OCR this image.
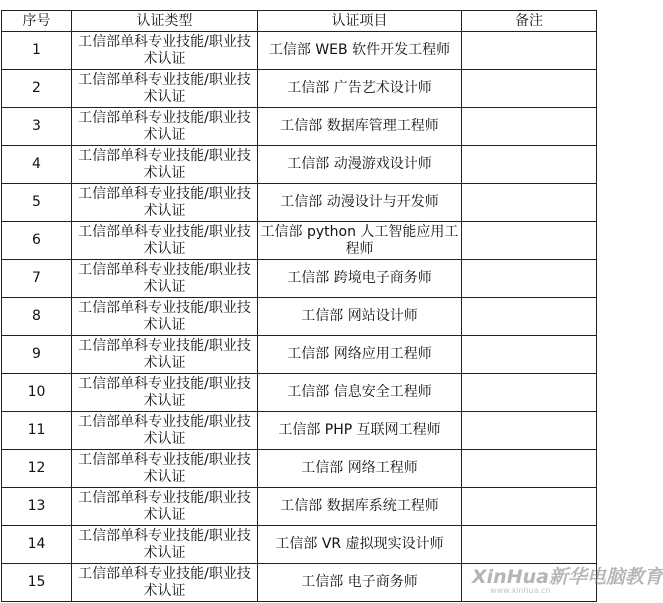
序号	认证类型	认证项目	备注
1	工信部单科专业技能/职业技术认证	工信部 WEB 软件开发工程师	
2	工信部单科专业技能/职业技术认证	工信部 广告艺术设计师	
3	工信部单科专业技能/职业技术认证	工信部 数据库管理工程师	
4	工信部单科专业技能/职业技术认证	工信部 动漫游戏设计师	
5	工信部单科专业技能/职业技术认证	工信部 动漫设计与开发师	
6	工信部单科专业技能/职业技术认证	工信部 python 人工智能应用工程师	
7	工信部单科专业技能/职业技术认证	工信部 跨境电子商务师	
8	工信部单科专业技能/职业技术认证	工信部 网站设计师	
9	工信部单科专业技能/职业技术认证	工信部 网络应用工程师	
10	工信部单科专业技能/职业技术认证	工信部 信息安全工程师	
11	工信部单科专业技能/职业技术认证	工信部 PHP 互联网工程师	
12	工信部单科专业技能/职业技术认证	工信部 网络工程师	
13	工信部单科专业技能/职业技术认证	工信部 数据库系统工程师	
14	工信部单科专业技能/职业技术认证	工信部 VR 虚拟现实设计师	
15	工信部单科专业技能/职业技术认证	工信部 电子商务师		XinHua新华电脑教育
www.xinhua.cn
